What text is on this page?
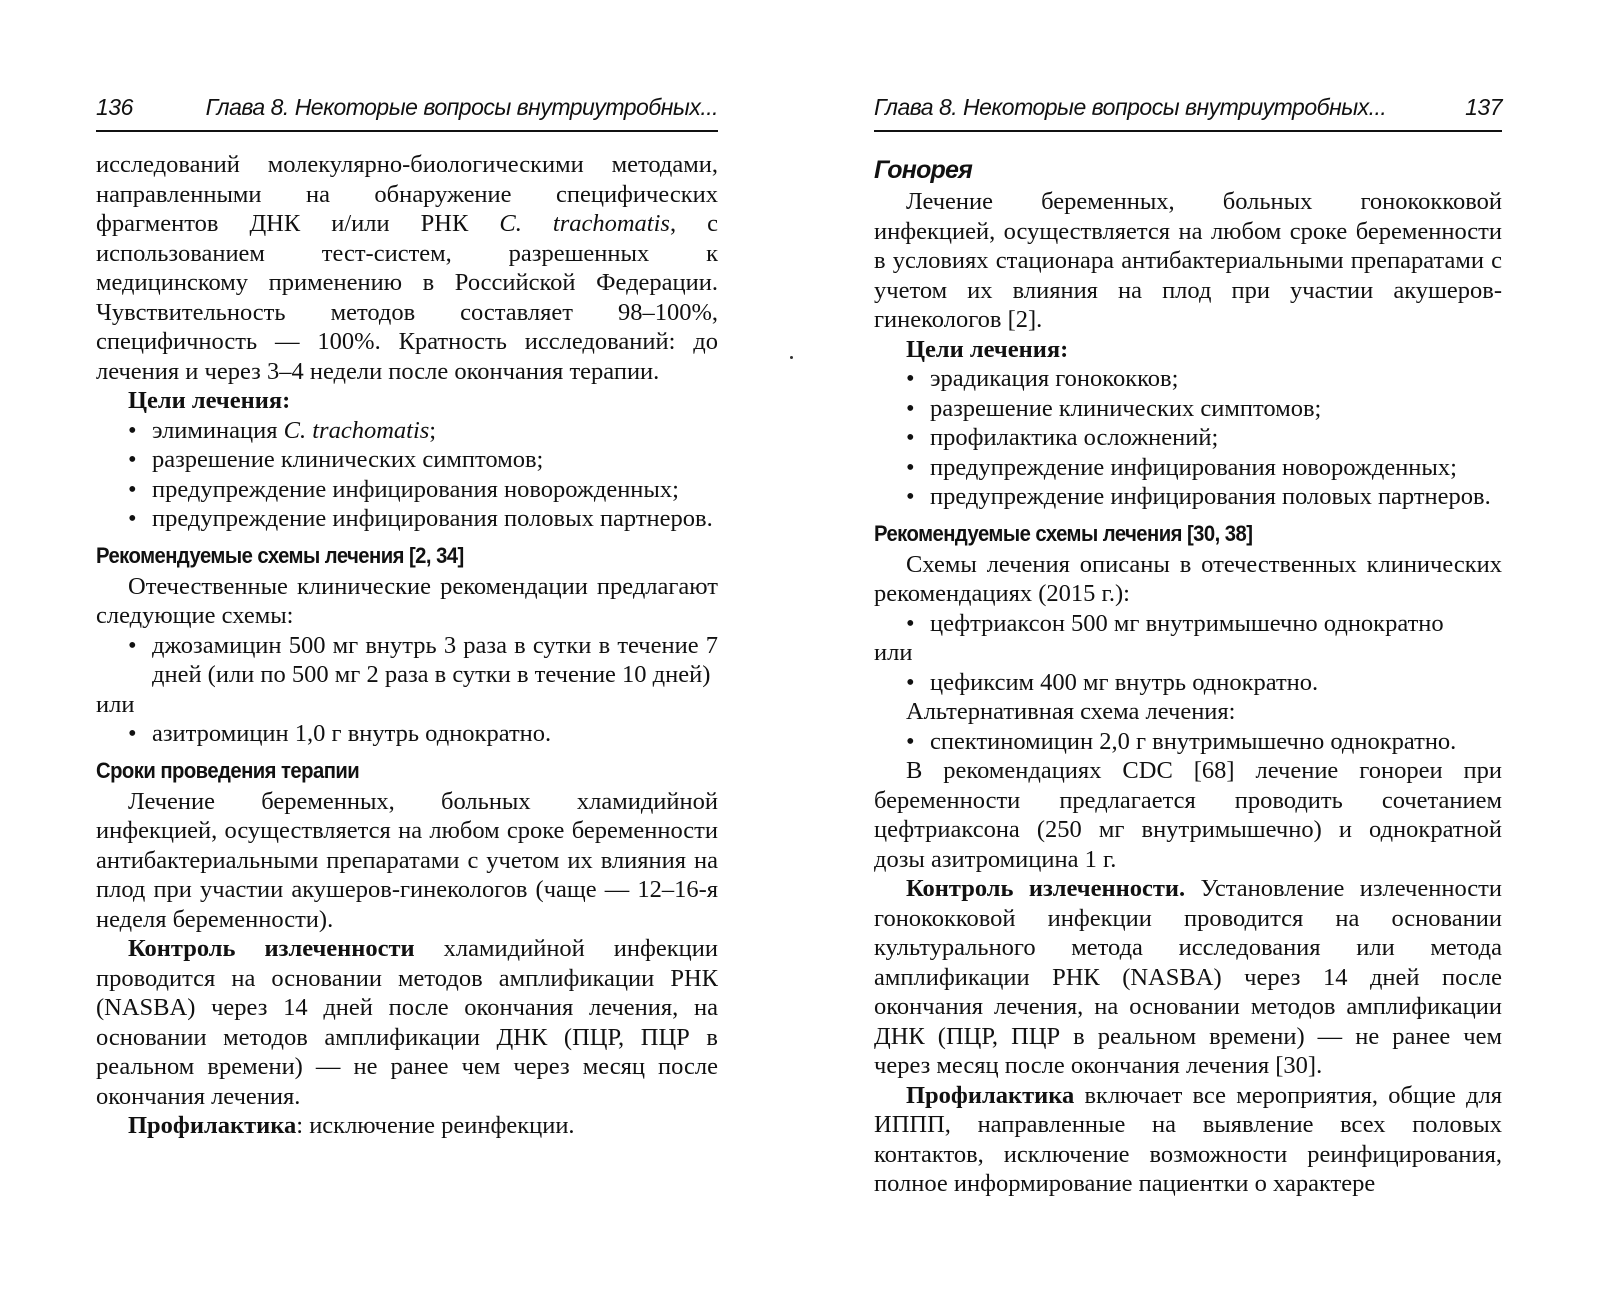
136	Глава 8. Некоторые вопросы внутриутробных...

исследований молекулярно-биологическими методами, направленными на обнаружение специфических фрагментов ДНК и/или РНК C. trachomatis, с использованием тест-систем, разрешенных к медицинскому применению в Российской Федерации. Чувствительность методов составляет 98–100%, специфичность — 100%. Кратность исследований: до лечения и через 3–4 недели после окончания терапии.

Цели лечения:
• элиминация C. trachomatis;
• разрешение клинических симптомов;
• предупреждение инфицирования новорожденных;
• предупреждение инфицирования половых партнеров.
Рекомендуемые схемы лечения [2, 34]

Отечественные клинические рекомендации предлагают следующие схемы:

• джозамицин 500 мг внутрь 3 раза в сутки в течение 7 дней (или по 500 мг 2 раза в сутки в течение 10 дней)

или

• азитромицин 1,0 г внутрь однократно.
Сроки проведения терапии

Лечение беременных, больных хламидийной инфекцией, осуществляется на любом сроке беременности антибактериальными препаратами с учетом их влияния на плод при участии акушеров-гинекологов (чаще — 12–16-я неделя беременности).

Контроль излеченности хламидийной инфекции проводится на основании методов амплификации РНК (NASBA) через 14 дней после окончания лечения, на основании методов амплификации ДНК (ПЦР, ПЦР в реальном времени) — не ранее чем через месяц после окончания лечения.

Профилактика: исключение реинфекции.

Глава 8. Некоторые вопросы внутриутробных...	137
Гонорея

Лечение беременных, больных гонококковой инфекцией, осуществляется на любом сроке беременности в условиях стационара антибактериальными препаратами с учетом их влияния на плод при участии акушеров-гинекологов [2].

Цели лечения:
• эрадикация гонококков;
• разрешение клинических симптомов;
• профилактика осложнений;
• предупреждение инфицирования новорожденных;
• предупреждение инфицирования половых партнеров.
Рекомендуемые схемы лечения [30, 38]

Схемы лечения описаны в отечественных клинических рекомендациях (2015 г.):

• цефтриаксон 500 мг внутримышечно однократно

или

• цефиксим 400 мг внутрь однократно.

Альтернативная схема лечения:

• спектиномицин 2,0 г внутримышечно однократно.

В рекомендациях CDC [68] лечение гонореи при беременности предлагается проводить сочетанием цефтриаксона (250 мг внутримышечно) и однократной дозы азитромицина 1 г.

Контроль излеченности. Установление излеченности гонококковой инфекции проводится на основании культурального метода исследования или метода амплификации РНК (NASBA) через 14 дней после окончания лечения, на основании методов амплификации ДНК (ПЦР, ПЦР в реальном времени) — не ранее чем через месяц после окончания лечения [30].

Профилактика включает все мероприятия, общие для ИППП, направленные на выявление всех половых контактов, исключение возможности реинфицирования, полное информирование пациентки о характере
